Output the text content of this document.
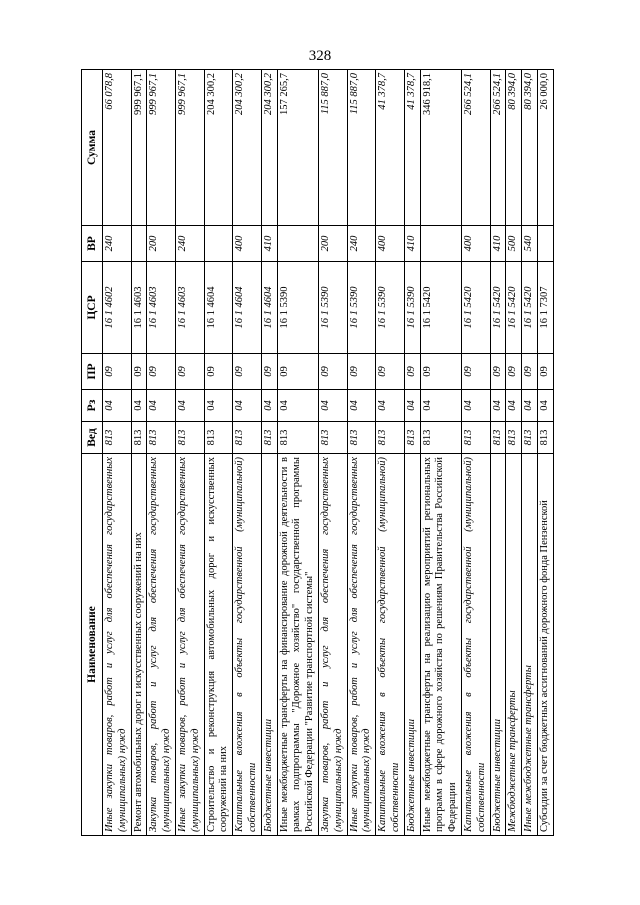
328
Наименование	Вед	Рз	ПР	ЦСР	ВР	Сумма
Иные закупки товаров, работ и услуг для обеспечения государственных (муниципальных) нужд	813	04	09	16 1 4602	240	66 078,8
Ремонт автомобильных дорог и искусственных сооружений на них	813	04	09	16 1 4603		999 967,1
Закупка товаров, работ и услуг для обеспечения государственных (муниципальных) нужд	813	04	09	16 1 4603	200	999 967,1
Иные закупки товаров, работ и услуг для обеспечения государственных (муниципальных) нужд	813	04	09	16 1 4603	240	999 967,1
Строительство и реконструкция автомобильных дорог и искусственных сооружений на них	813	04	09	16 1 4604		204 300,2
Капитальные вложения в объекты государственной (муниципальной) собственности	813	04	09	16 1 4604	400	204 300,2
Бюджетные инвестиции	813	04	09	16 1 4604	410	204 300,2
Иные межбюджетные трансферты на финансирование дорожной деятельности в рамках подпрограммы "Дорожное хозяйство" государственной программы Российской Федерации "Развитие транспортной системы"	813	04	09	16 1 5390		157 265,7
Закупка товаров, работ и услуг для обеспечения государственных (муниципальных) нужд	813	04	09	16 1 5390	200	115 887,0
Иные закупки товаров, работ и услуг для обеспечения государственных (муниципальных) нужд	813	04	09	16 1 5390	240	115 887,0
Капитальные вложения в объекты государственной (муниципальной) собственности	813	04	09	16 1 5390	400	41 378,7
Бюджетные инвестиции	813	04	09	16 1 5390	410	41 378,7
Иные межбюджетные трансферты на реализацию мероприятий региональных программ в сфере дорожного хозяйства по решениям Правительства Российской Федерации	813	04	09	16 1 5420		346 918,1
Капитальные вложения в объекты государственной (муниципальной) собственности	813	04	09	16 1 5420	400	266 524,1
Бюджетные инвестиции	813	04	09	16 1 5420	410	266 524,1
Межбюджетные трансферты	813	04	09	16 1 5420	500	80 394,0
Иные межбюджетные трансферты	813	04	09	16 1 5420	540	80 394,0
Субсидии за счет бюджетных ассигнований дорожного фонда Пензенской	813	04	09	16 1 7307		26 000,0
